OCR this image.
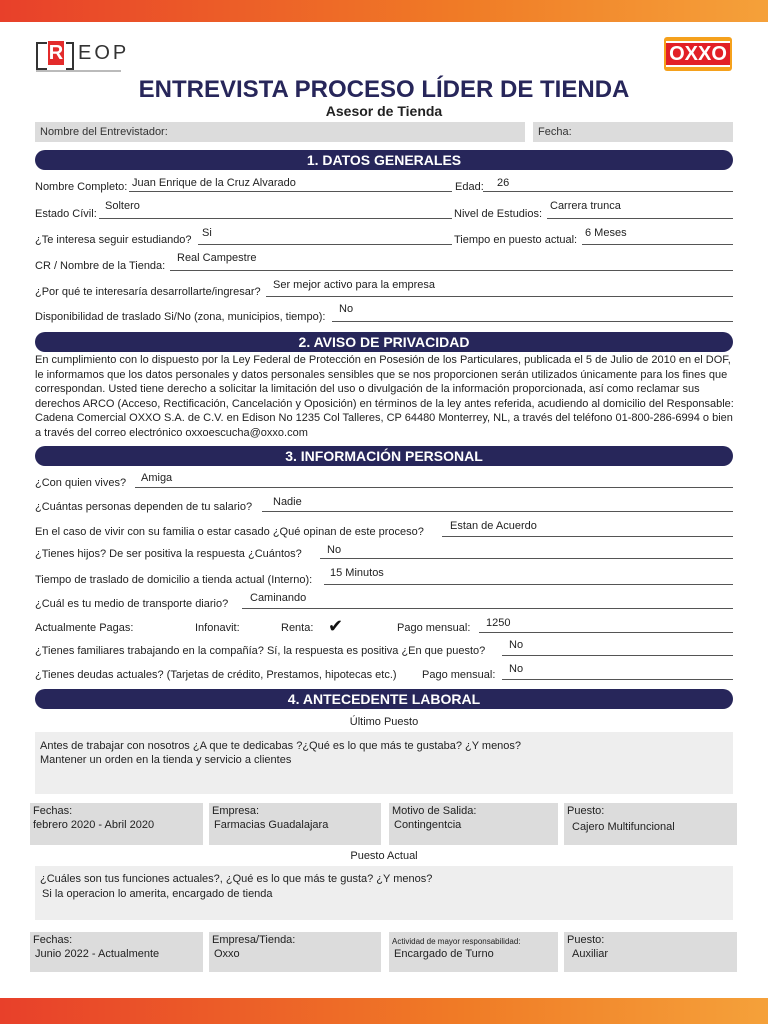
R EOP	OXXO
ENTREVISTA PROCESO LÍDER DE TIENDA
Asesor de Tienda
Nombre del Entrevistador:	Fecha:
1. DATOS GENERALES
Nombre Completo: Juan Enrique de la Cruz Alvarado	Edad: 26
Estado Cívil:
Soltero
Nivel de Estudios:
Carrera trunca
¿Te interesa seguir estudiando?
Si
Tiempo en puesto actual:
6 Meses
CR / Nombre de la Tienda:
Real Campestre
¿Por qué te interesaría desarrollarte/ingresar?
Ser mejor activo para la empresa
Disponibilidad de traslado Si/No (zona, municipios, tiempo):
No
2. AVISO DE PRIVACIDAD
En cumplimiento con lo dispuesto por la Ley Federal de Protección en Posesión de los Particulares, publicada el 5 de Julio de 2010 en el DOF, le informamos que los datos personales y datos personales sensibles que se nos proporcionen serán utilizados únicamente para los fines que correspondan. Usted tiene derecho a solicitar la limitación del uso o divulgación de la información proporcionada, así como reclamar sus derechos ARCO (Acceso, Rectificación, Cancelación y Oposición) en términos de la ley antes referida, acudiendo al domicilio del Responsable: Cadena Comercial OXXO S.A. de C.V. en Edison No 1235 Col Talleres, CP 64480 Monterrey, NL, a través del teléfono 01-800-286-6994 o bien a través del correo electrónico oxxoescucha@oxxo.com
3. INFORMACIÓN PERSONAL
¿Con quien vives? Amiga
¿Cuántas personas dependen de tu salario? Nadie
En el caso de vivir con su familia o estar casado ¿Qué opinan de este proceso? Estan de Acuerdo
¿Tienes hijos? De ser positiva la respuesta ¿Cuántos? No
Tiempo de traslado de domicilio a tienda actual (Interno):
15 Minutos
¿Cuál es tu medio de transporte diario? Caminando
Actualmente Pagas:	Infonavit:	Renta: ✔	Pago mensual: 1250
¿Tienes familiares trabajando en la compañía? Sí, la respuesta es positiva ¿En que puesto? No
¿Tienes deudas actuales? (Tarjetas de crédito, Prestamos, hipotecas etc.) Pago mensual: No
4. ANTECEDENTE LABORAL
Último Puesto
Antes de trabajar con nosotros ¿A que te dedicabas ?¿Qué es lo que más te gustaba? ¿Y menos?
Mantener un orden en la tienda y servicio a clientes
Fechas:
febrero 2020 - Abril 2020
Empresa:
Farmacias Guadalajara
Motivo de Salida:
Contingentcia
Puesto:
Cajero Multifuncional
Puesto Actual
¿Cuáles son tus funciones actuales?, ¿Qué es lo que más te gusta? ¿Y menos?
Si la operacion lo amerita, encargado de tienda
Fechas:
Junio 2022 - Actualmente
Empresa/Tienda:
Oxxo
Actividad de mayor responsabilidad:
Encargado de Turno
Puesto:
Auxiliar
